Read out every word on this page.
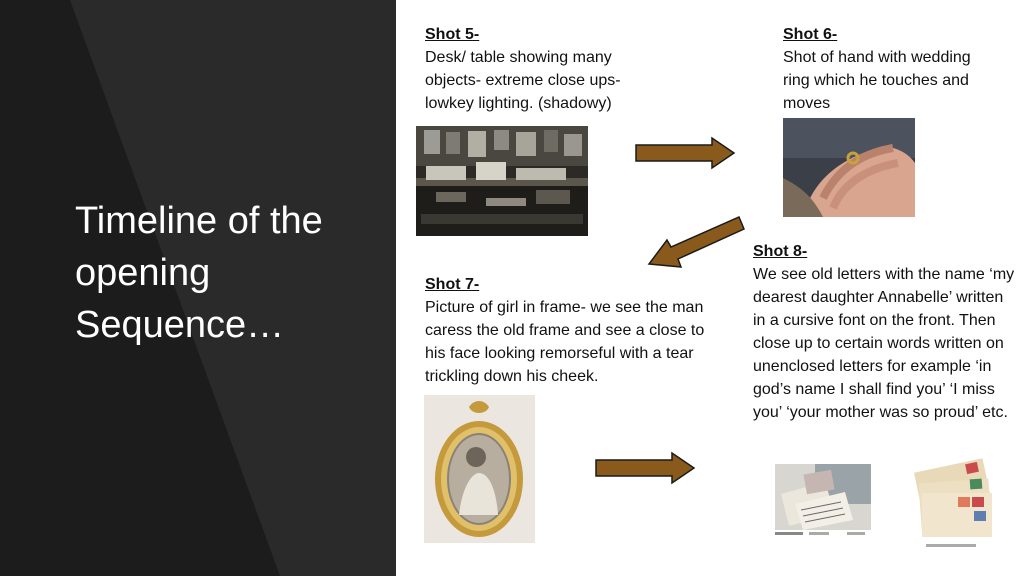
Timeline of the opening Sequence…
Shot 5-
Desk/ table showing many objects- extreme close ups- lowkey lighting. (shadowy)
Shot 6-
Shot of hand with wedding ring which he touches and moves
Shot 7-
Picture of girl in frame- we see the man caress the old frame and see a close to his face looking remorseful with a tear trickling down his cheek.
Shot 8-
We see old letters with the name ‘my dearest daughter Annabelle’ written in a cursive font on the front. Then close up to certain words written on unenclosed letters for example ‘in god’s name I shall find you’ ‘I miss you’ ‘your mother was so proud’ etc.
